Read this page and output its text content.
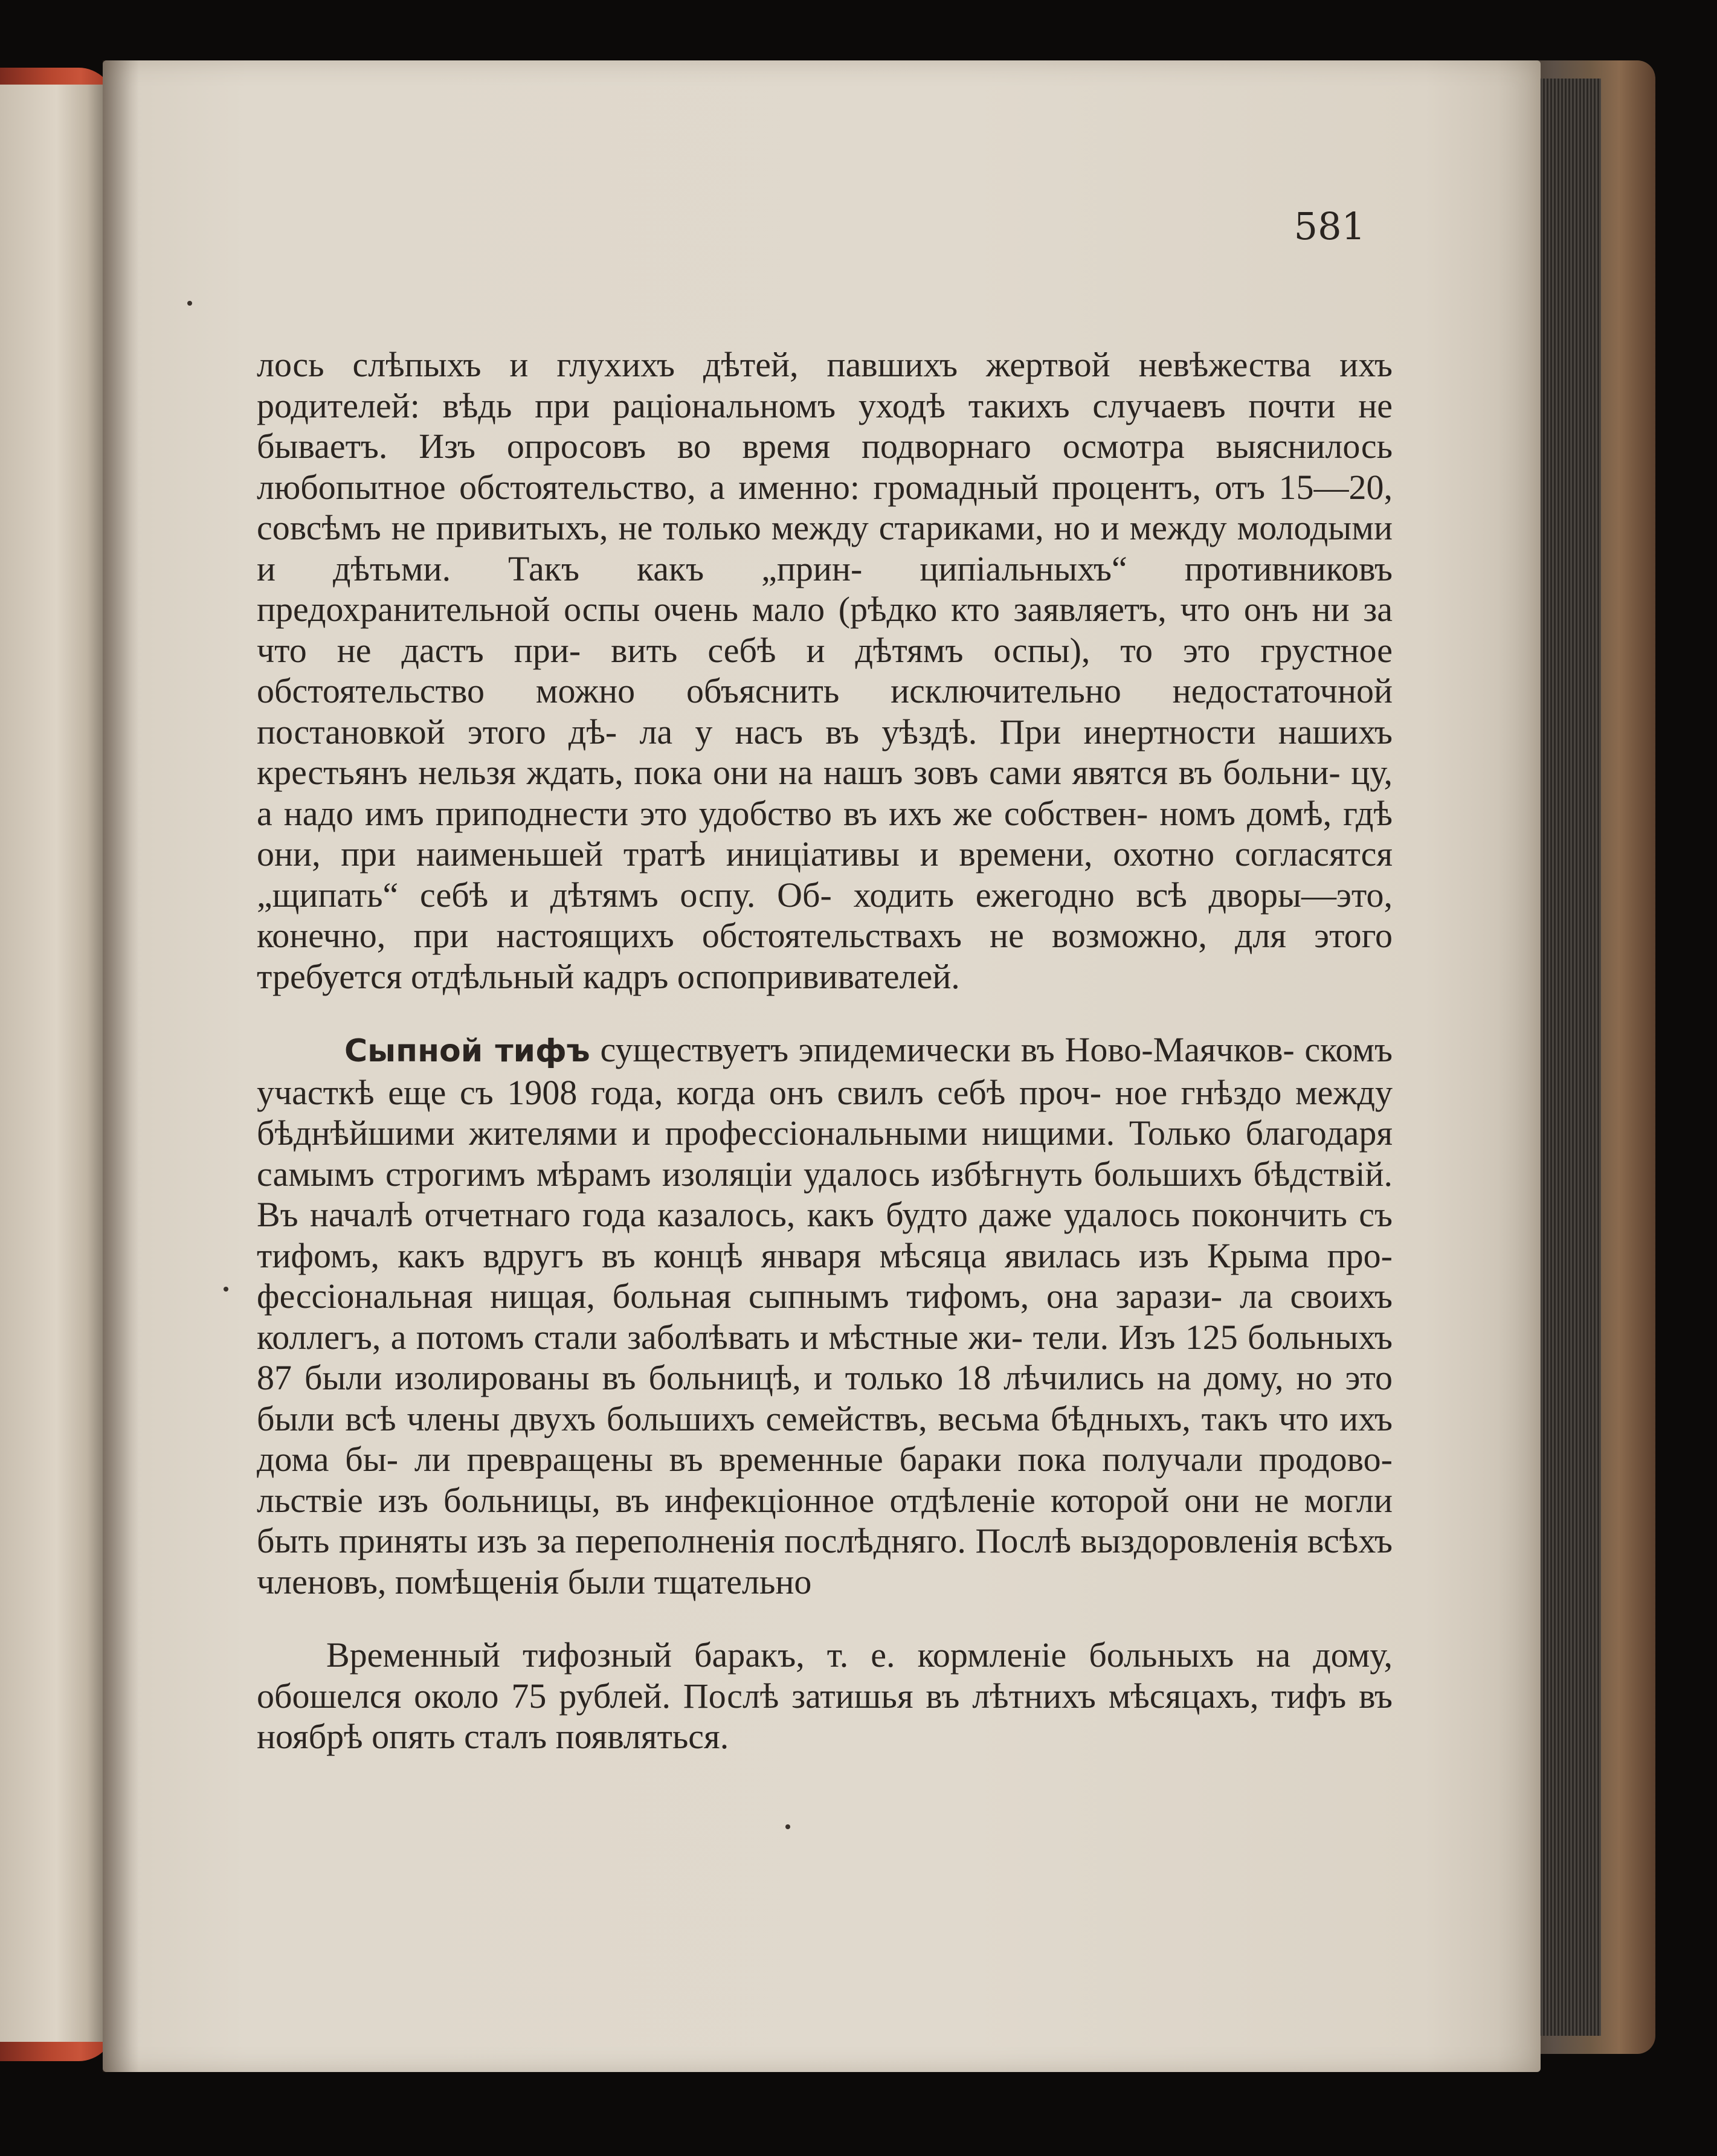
581

лось слѣпыхъ и глухихъ дѣтей, павшихъ жертвой невѣжества ихъ родителей: вѣдь при раціональномъ уходѣ такихъ случаевъ почти не бываетъ. Изъ опросовъ во время подворнаго осмотра выяснилось любопытное обстоятельство, а именно: громадный процентъ, отъ 15—20, совсѣмъ не привитыхъ, не только между стариками, но и между молодыми и дѣтьми. Такъ какъ „прин- ципіальныхъ“ противниковъ предохранительной оспы очень мало (рѣдко кто заявляетъ, что онъ ни за что не дастъ при- вить себѣ и дѣтямъ оспы), то это грустное обстоятельство можно объяснить исключительно недостаточной постановкой этого дѣ- ла у насъ въ уѣздѣ. При инертности нашихъ крестьянъ нельзя ждать, пока они на нашъ зовъ сами явятся въ больни- цу, а надо имъ приподнести это удобство въ ихъ же собствен- номъ домѣ, гдѣ они, при наименьшей тратѣ иниціативы и времени, охотно согласятся „щипать“ себѣ и дѣтямъ оспу. Об- ходить ежегодно всѣ дворы—это, конечно, при настоящихъ обстоятельствахъ не возможно, для этого требуется отдѣльный кадръ оспопрививателей.

Сыпной тифъ существуетъ эпидемически въ Ново-Маячков- скомъ участкѣ еще съ 1908 года, когда онъ свилъ себѣ проч- ное гнѣздо между бѣднѣйшими жителями и профессіональными нищими. Только благодаря самымъ строгимъ мѣрамъ изоляціи удалось избѣгнуть большихъ бѣдствій. Въ началѣ отчетнаго года казалось, какъ будто даже удалось покончить съ тифомъ, какъ вдругъ въ концѣ января мѣсяца явилась изъ Крыма про- фессіональная нищая, больная сыпнымъ тифомъ, она зарази- ла своихъ коллегъ, а потомъ стали заболѣвать и мѣстные жи- тели. Изъ 125 больныхъ 87 были изолированы въ больницѣ, и только 18 лѣчились на дому, но это были всѣ члены двухъ большихъ семействъ, весьма бѣдныхъ, такъ что ихъ дома бы- ли превращены въ временные бараки пока получали продово- льствіе изъ больницы, въ инфекціонное отдѣленіе которой они не могли быть приняты изъ за переполненія послѣдняго. Послѣ выздоровленія всѣхъ членовъ, помѣщенія были тщательно

Временный тифозный баракъ, т. е. кормленіе больныхъ на дому, обошелся около 75 рублей. Послѣ затишья въ лѣтнихъ мѣсяцахъ, тифъ въ ноябрѣ опять сталъ появляться.
